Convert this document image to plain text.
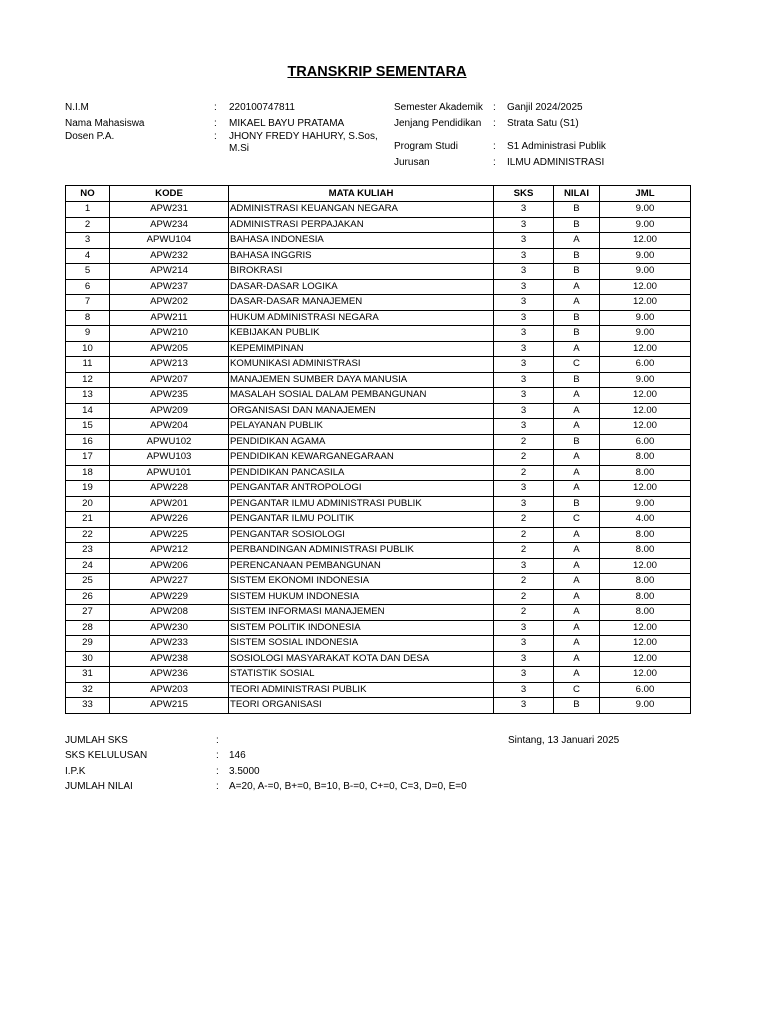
TRANSKRIP SEMENTARA
N.I.M	: 220100747811
Nama Mahasiswa	: MIKAEL BAYU PRATAMA
Dosen P.A.	: JHONY FREDY HAHURY, S.Sos,
M.Si
Semester Akademik : Ganjil 2024/2025
Jenjang Pendidikan : Strata Satu (S1)
Program Studi	: S1 Administrasi Publik
Jurusan	: ILMU ADMINISTRASI
NO	KODE	MATA KULIAH	SKS	NILAI	JML
1	APW231	ADMINISTRASI KEUANGAN NEGARA	3	B	9.00
2	APW234	ADMINISTRASI PERPAJAKAN	3	B	9.00
3	APWU104	BAHASA INDONESIA	3	A	12.00
4	APW232	BAHASA INGGRIS	3	B	9.00
5	APW214	BIROKRASI	3	B	9.00
6	APW237	DASAR-DASAR LOGIKA	3	A	12.00
7	APW202	DASAR-DASAR MANAJEMEN	3	A	12.00
8	APW211	HUKUM ADMINISTRASI NEGARA	3	B	9.00
9	APW210	KEBIJAKAN PUBLIK	3	B	9.00
10	APW205	KEPEMIMPINAN	3	A	12.00
11	APW213	KOMUNIKASI ADMINISTRASI	3	C	6.00
12	APW207	MANAJEMEN SUMBER DAYA MANUSIA	3	B	9.00
13	APW235	MASALAH SOSIAL DALAM PEMBANGUNAN	3	A	12.00
14	APW209	ORGANISASI DAN MANAJEMEN	3	A	12.00
15	APW204	PELAYANAN PUBLIK	3	A	12.00
16	APWU102	PENDIDIKAN AGAMA	2	B	6.00
17	APWU103	PENDIDIKAN KEWARGANEGARAAN	2	A	8.00
18	APWU101	PENDIDIKAN PANCASILA	2	A	8.00
19	APW228	PENGANTAR ANTROPOLOGI	3	A	12.00
20	APW201	PENGANTAR ILMU ADMINISTRASI PUBLIK	3	B	9.00
21	APW226	PENGANTAR ILMU POLITIK	2	C	4.00
22	APW225	PENGANTAR SOSIOLOGI	2	A	8.00
23	APW212	PERBANDINGAN ADMINISTRASI PUBLIK	2	A	8.00
24	APW206	PERENCANAAN PEMBANGUNAN	3	A	12.00
25	APW227	SISTEM EKONOMI INDONESIA	2	A	8.00
26	APW229	SISTEM HUKUM INDONESIA	2	A	8.00
27	APW208	SISTEM INFORMASI MANAJEMEN	2	A	8.00
28	APW230	SISTEM POLITIK INDONESIA	3	A	12.00
29	APW233	SISTEM SOSIAL INDONESIA	3	A	12.00
30	APW238	SOSIOLOGI MASYARAKAT KOTA DAN DESA	3	A	12.00
31	APW236	STATISTIK SOSIAL	3	A	12.00
32	APW203	TEORI ADMINISTRASI PUBLIK	3	C	6.00
33	APW215	TEORI ORGANISASI	3	B	9.00
JUMLAH SKS	:
SKS KELULUSAN	: 146
I.P.K	: 3.5000
JUMLAH NILAI	: A=20, A-=0, B+=0, B=10, B-=0, C+=0, C=3, D=0, E=0
Sintang, 13 Januari 2025
